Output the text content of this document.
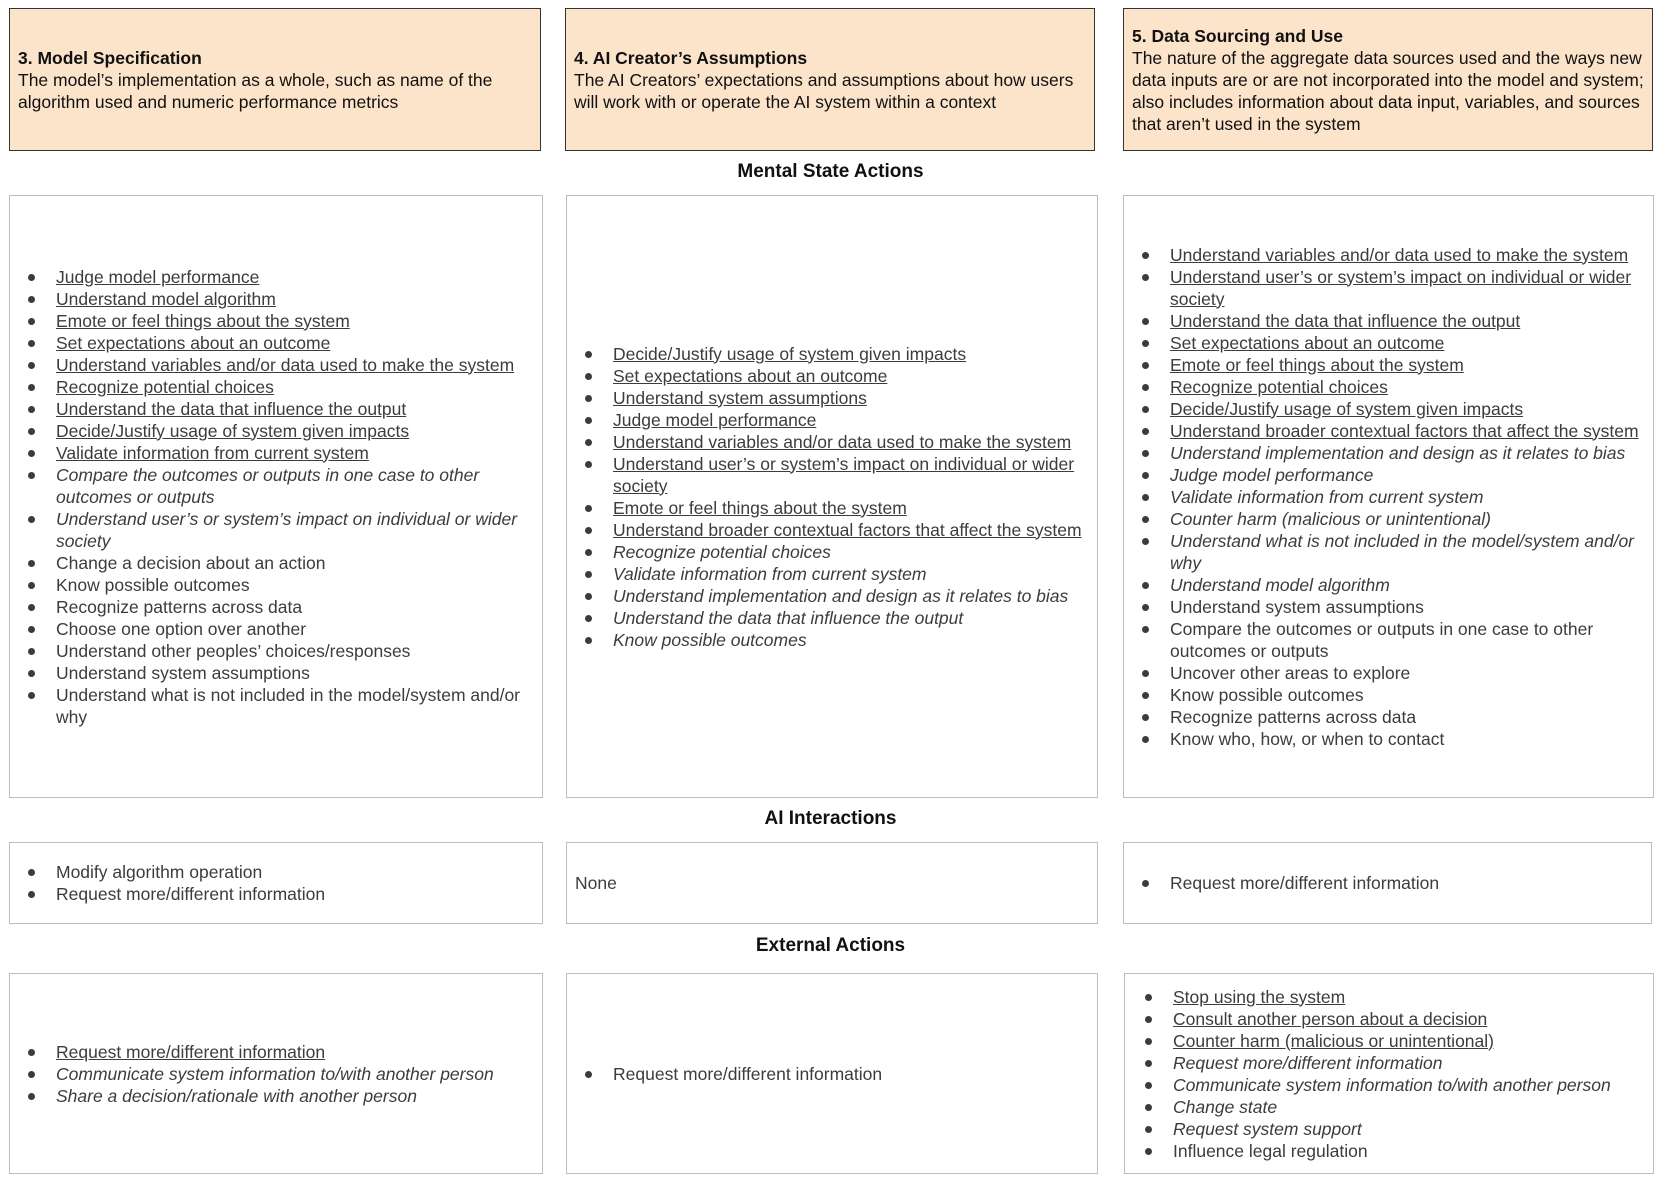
3. Model Specification
The model’s implementation as a whole, such as name of the algorithm used and numeric performance metrics
4. AI Creator’s Assumptions
The AI Creators’ expectations and assumptions about how users will work with or operate the AI system within a context
5. Data Sourcing and Use
The nature of the aggregate data sources used and the ways new data inputs are or are not incorporated into the model and system; also includes information about data input, variables, and sources that aren’t used in the system
Mental State Actions
Judge model performance
Understand model algorithm
Emote or feel things about the system
Set expectations about an outcome
Understand variables and/or data used to make the system
Recognize potential choices
Understand the data that influence the output
Decide/Justify usage of system given impacts
Validate information from current system
Compare the outcomes or outputs in one case to other outcomes or outputs
Understand user’s or system’s impact on individual or wider society
Change a decision about an action
Know possible outcomes
Recognize patterns across data
Choose one option over another
Understand other peoples’ choices/responses
Understand system assumptions
Understand what is not included in the model/system and/or why
Decide/Justify usage of system given impacts
Set expectations about an outcome
Understand system assumptions
Judge model performance
Understand variables and/or data used to make the system
Understand user’s or system’s impact on individual or wider society
Emote or feel things about the system
Understand broader contextual factors that affect the system
Recognize potential choices
Validate information from current system
Understand implementation and design as it relates to bias
Understand the data that influence the output
Know possible outcomes
Understand variables and/or data used to make the system
Understand user’s or system’s impact on individual or wider society
Understand the data that influence the output
Set expectations about an outcome
Emote or feel things about the system
Recognize potential choices
Decide/Justify usage of system given impacts
Understand broader contextual factors that affect the system
Understand implementation and design as it relates to bias
Judge model performance
Validate information from current system
Counter harm (malicious or unintentional)
Understand what is not included in the model/system and/or why
Understand model algorithm
Understand system assumptions
Compare the outcomes or outputs in one case to other outcomes or outputs
Uncover other areas to explore
Know possible outcomes
Recognize patterns across data
Know who, how, or when to contact
AI Interactions
Modify algorithm operation
Request more/different information
None	Request more/different information
External Actions
Request more/different information
Communicate system information to/with another person
Share a decision/rationale with another person
Request more/different information
Stop using the system
Consult another person about a decision
Counter harm (malicious or unintentional)
Request more/different information
Communicate system information to/with another person
Change state
Request system support
Influence legal regulation
